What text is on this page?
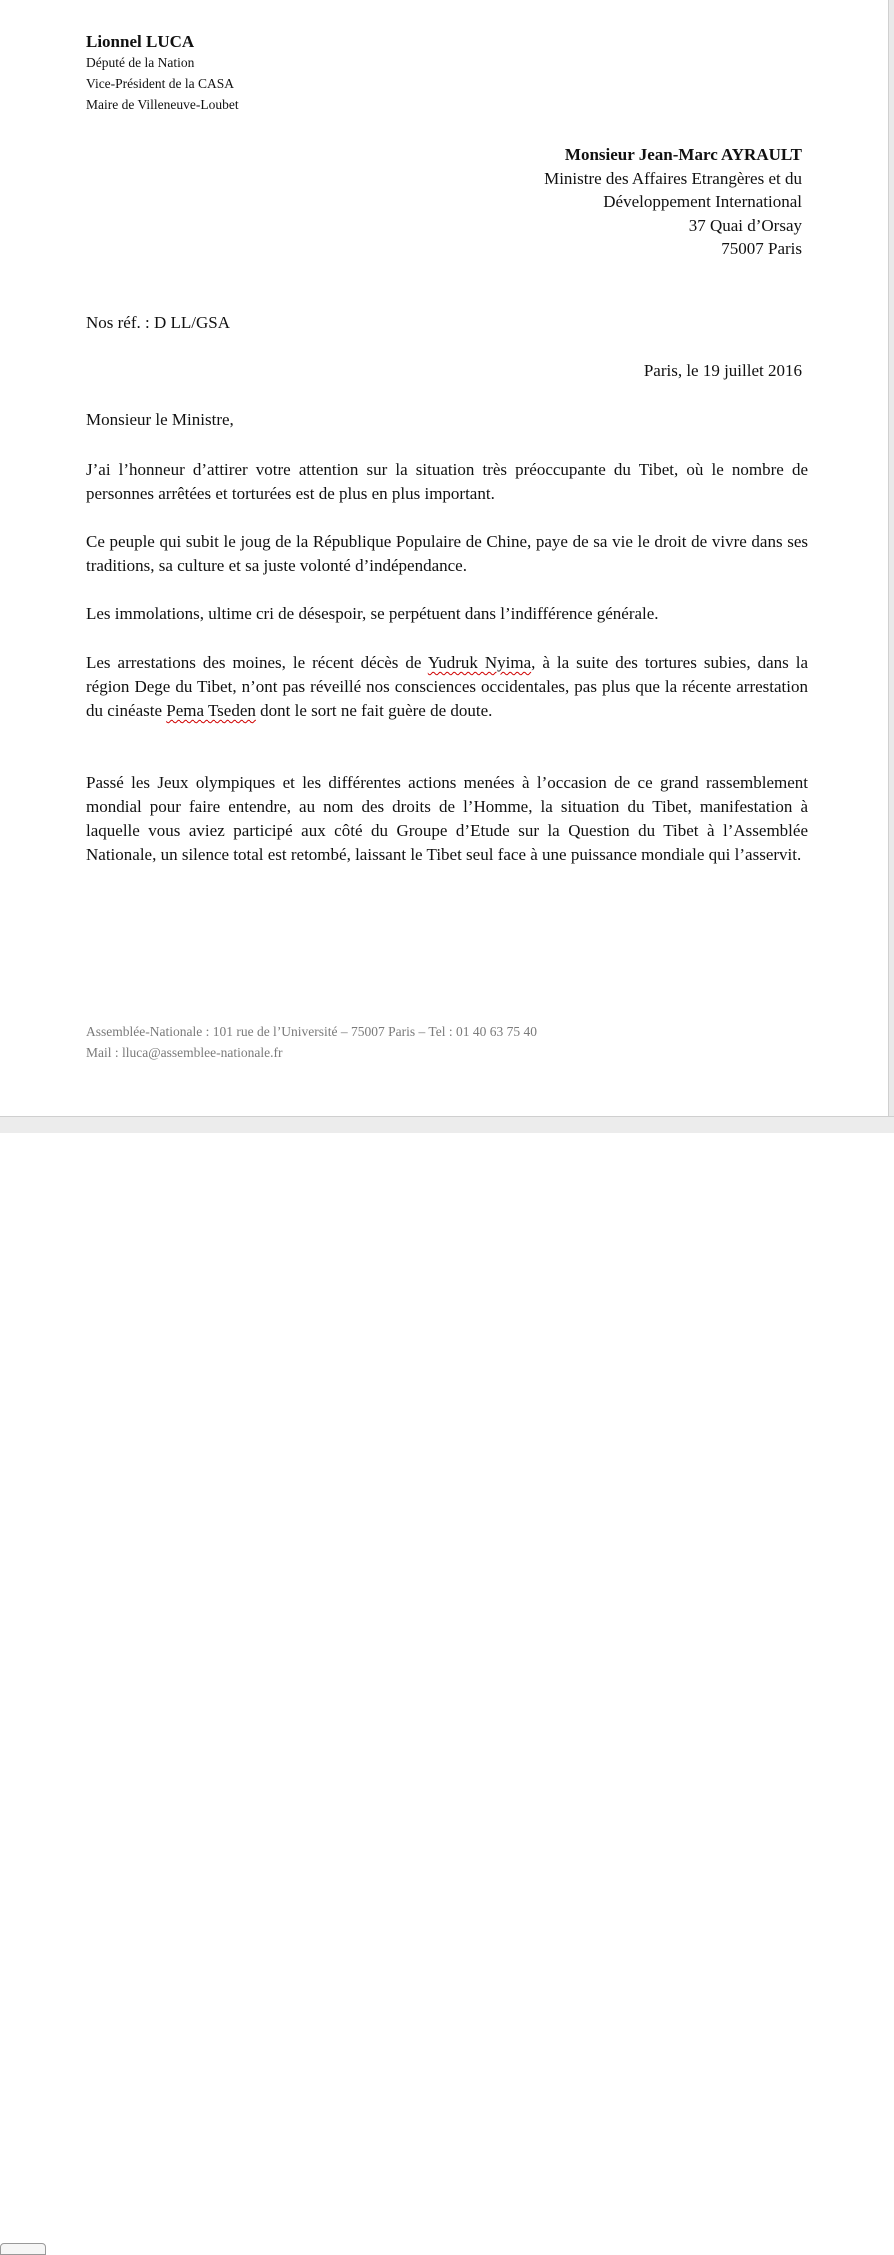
Lionnel LUCA
Député de la Nation
Vice-Président de la CASA
Maire de Villeneuve-Loubet
Monsieur Jean-Marc AYRAULT
Ministre des Affaires Etrangères et du
Développement International
37 Quai d’Orsay
75007 Paris
Nos réf. : D LL/GSA
Paris, le 19 juillet 2016
Monsieur le Ministre,
J’ai l’honneur d’attirer votre attention sur la situation très préoccupante du Tibet, où le nombre de personnes arrêtées et torturées est de plus en plus important.
Ce peuple qui subit le joug de la République Populaire de Chine, paye de sa vie le droit de vivre dans ses traditions, sa culture et sa juste volonté d’indépendance.
Les immolations, ultime cri de désespoir, se perpétuent dans l’indifférence générale.
Les arrestations des moines, le récent décès de Yudruk Nyima, à la suite des tortures subies, dans la région Dege du Tibet, n’ont pas réveillé nos consciences occidentales, pas plus que la récente arrestation du cinéaste Pema Tseden dont le sort ne fait guère de doute.
Passé les Jeux olympiques et les différentes actions menées à l’occasion de ce grand rassemblement mondial pour faire entendre, au nom des droits de l’Homme, la situation du Tibet, manifestation à laquelle vous aviez participé aux côté du Groupe d’Etude sur la Question du Tibet à l’Assemblée Nationale, un silence total est retombé, laissant le Tibet seul face à une puissance mondiale qui l’asservit.
Assemblée-Nationale : 101 rue de l’Université – 75007 Paris – Tel : 01 40 63 75 40
Mail : lluca@assemblee-nationale.fr
